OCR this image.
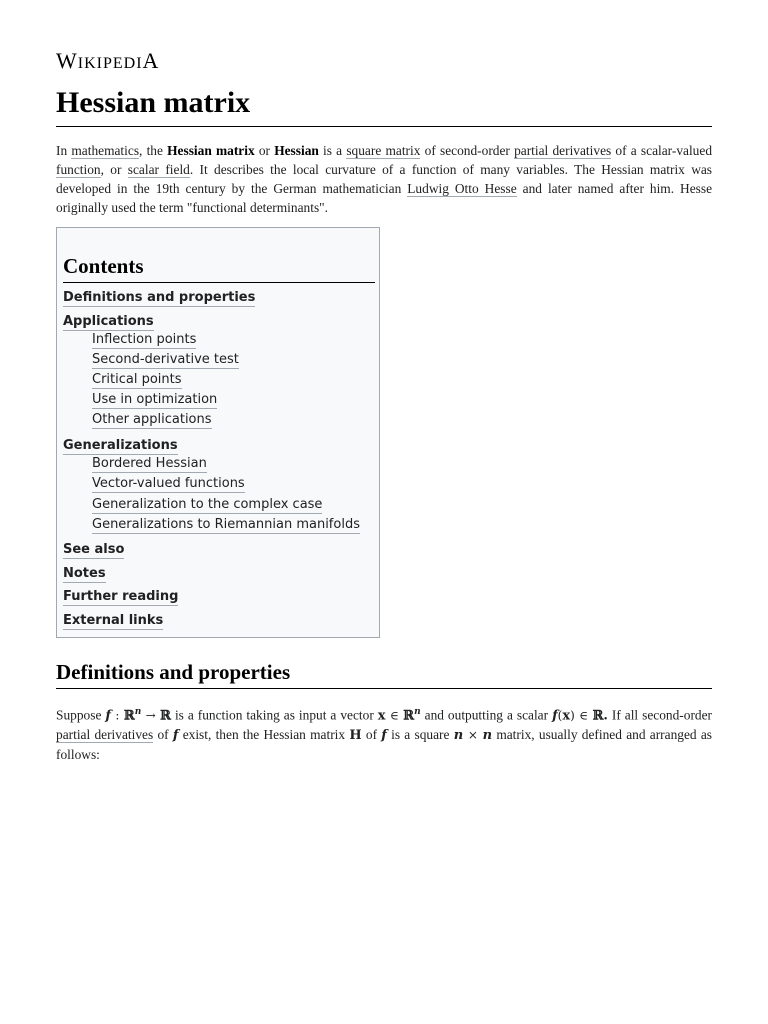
WIKIPEDIA
Hessian matrix

In mathematics, the Hessian matrix or Hessian is a square matrix of second-order partial derivatives of a scalar-valued function, or scalar field. It describes the local curvature of a function of many variables. The Hessian matrix was developed in the 19th century by the German mathematician Ludwig Otto Hesse and later named after him. Hesse originally used the term "functional determinants".

Contents
Definitions and properties
Applications
Inflection points
Second-derivative test
Critical points
Use in optimization
Other applications
Generalizations
Bordered Hessian
Vector-valued functions
Generalization to the complex case
Generalizations to Riemannian manifolds
See also
Notes
Further reading
External links
Definitions and properties

Suppose f : ℝ$^n$ → ℝ is a function taking as input a vector x ∈ ℝ$^n$ and outputting a scalar f(x) ∈ ℝ. If all second-order partial derivatives of f exist, then the Hessian matrix H of f is a square n × n matrix, usually defined and arranged as follows:
